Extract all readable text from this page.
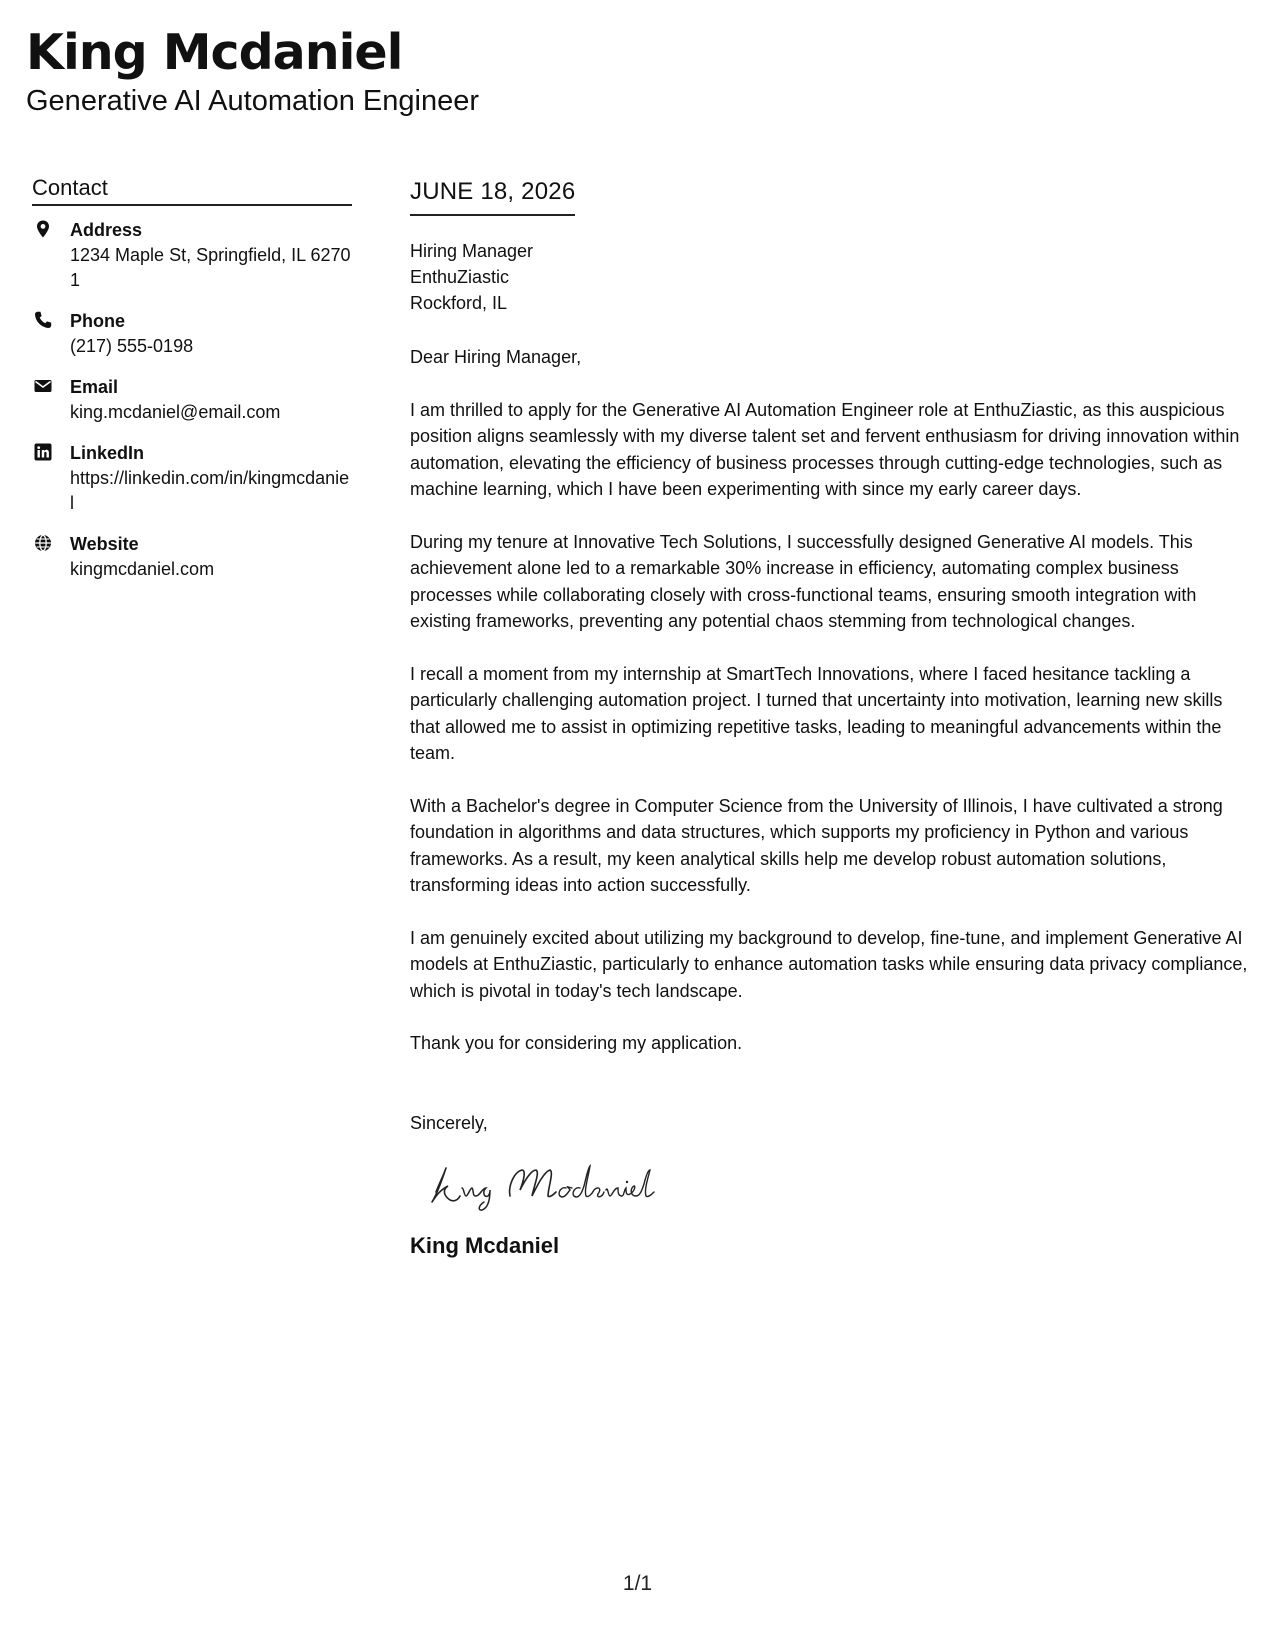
King Mcdaniel
Generative AI Automation Engineer
Contact
Address
1234 Maple St, Springfield, IL 62701
Phone
(217) 555-0198
Email
king.mcdaniel@email.com
LinkedIn
https://linkedin.com/in/kingmcdaniel
Website
kingmcdaniel.com
JUNE 18, 2026
Hiring Manager
EnthuZiastic
Rockford, IL

Dear Hiring Manager,

I am thrilled to apply for the Generative AI Automation Engineer role at EnthuZiastic, as this auspicious position aligns seamlessly with my diverse talent set and fervent enthusiasm for driving innovation within automation, elevating the efficiency of business processes through cutting-edge technologies, such as machine learning, which I have been experimenting with since my early career days.

During my tenure at Innovative Tech Solutions, I successfully designed Generative AI models. This achievement alone led to a remarkable 30% increase in efficiency, automating complex business processes while collaborating closely with cross-functional teams, ensuring smooth integration with existing frameworks, preventing any potential chaos stemming from technological changes.

I recall a moment from my internship at SmartTech Innovations, where I faced hesitance tackling a particularly challenging automation project. I turned that uncertainty into motivation, learning new skills that allowed me to assist in optimizing repetitive tasks, leading to meaningful advancements within the team.

With a Bachelor's degree in Computer Science from the University of Illinois, I have cultivated a strong foundation in algorithms and data structures, which supports my proficiency in Python and various frameworks. As a result, my keen analytical skills help me develop robust automation solutions, transforming ideas into action successfully.

I am genuinely excited about utilizing my background to develop, fine-tune, and implement Generative AI models at EnthuZiastic, particularly to enhance automation tasks while ensuring data privacy compliance, which is pivotal in today's tech landscape.

Thank you for considering my application.

Sincerely,
King Mcdaniel
1/1
